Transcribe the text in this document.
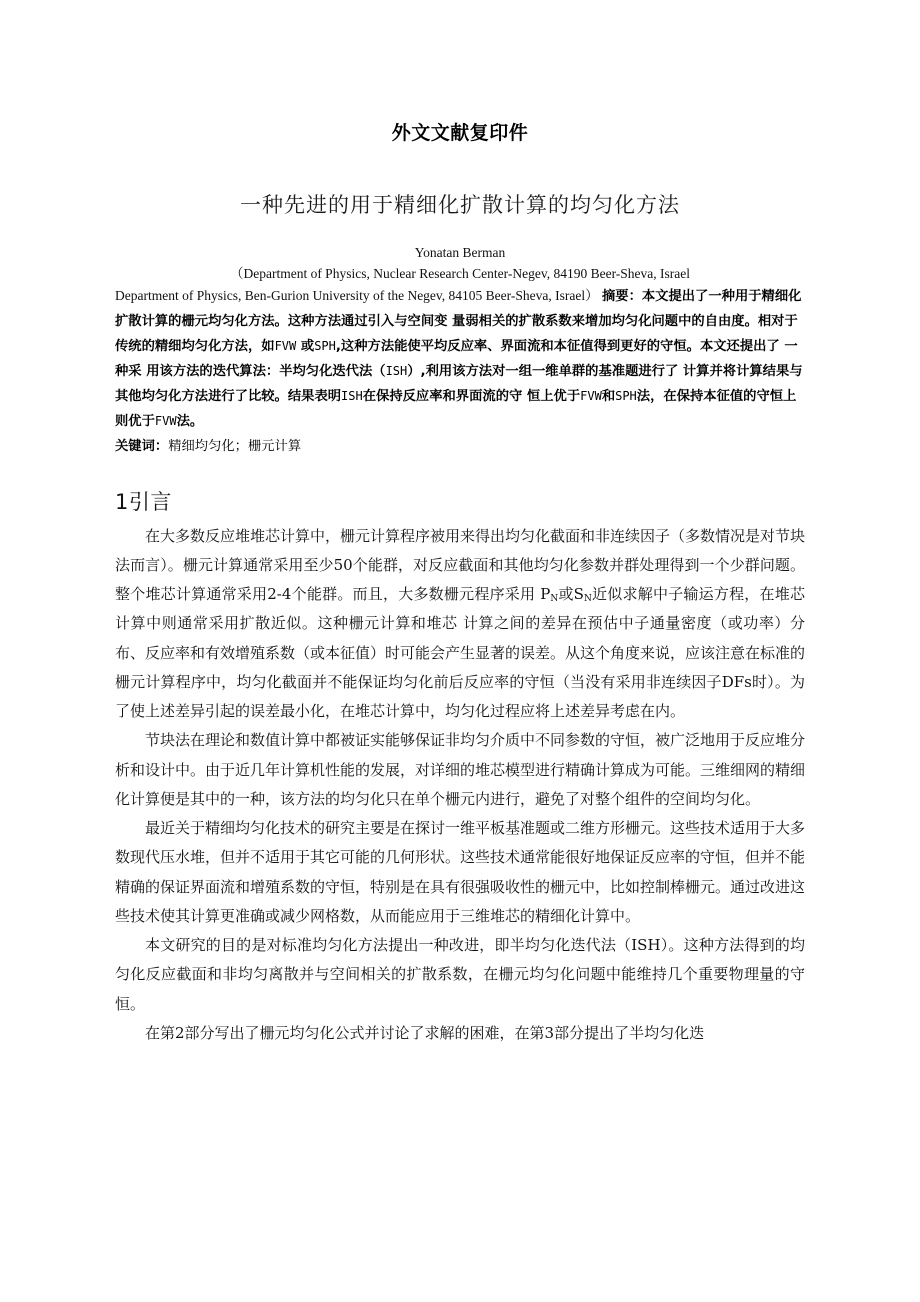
外文文献复印件
一种先进的用于精细化扩散计算的均匀化方法

Yonatan Berman

（Department of Physics, Nuclear Research Center-Negev, 84190 Beer-Sheva, Israel

Department of Physics, Ben-Gurion University of the Negev, 84105 Beer-Sheva, Israel） 摘要：本文提出了一种用于精细化扩散计算的栅元均匀化方法。这种方法通过引入与空间变 量弱相关的扩散系数来增加均匀化问题中的自由度。相对于传统的精细均匀化方法，如FVW 或SPH,这种方法能使平均反应率、界面流和本征值得到更好的守恒。本文还提出了 一种采 用该方法的迭代算法：半均匀化迭代法（ISH）,利用该方法对一组一维单群的基准题进行了 计算并将计算结果与其他均匀化方法进行了比较。结果表明ISH在保持反应率和界面流的守 恒上优于FVW和SPH法，在保持本征值的守恒上则优于FVW法。

关键词：精细均匀化；栅元计算

1引言

在大多数反应堆堆芯计算中，栅元计算程序被用来得出均匀化截面和非连续因子（多数情况是对节块法而言）。栅元计算通常采用至少50个能群，对反应截面和其他均匀化参数并群处理得到一个少群问题。整个堆芯计算通常采用2-4个能群。而且，大多数栅元程序采用 $P_N$或$S_N$近似求解中子输运方程，在堆芯计算中则通常采用扩散近似。这种栅元计算和堆芯 计算之间的差异在预估中子通量密度（或功率）分布、反应率和有效增殖系数（或本征值）时可能会产生显著的误差。从这个角度来说，应该注意在标准的栅元计算程序中，均匀化截面并不能保证均匀化前后反应率的守恒（当没有采用非连续因子DFs时）。为了使上述差异引起的误差最小化，在堆芯计算中，均匀化过程应将上述差异考虑在内。

节块法在理论和数值计算中都被证实能够保证非均匀介质中不同参数的守恒，被广泛地用于反应堆分析和设计中。由于近几年计算机性能的发展，对详细的堆芯模型进行精确计算成为可能。三维细网的精细化计算便是其中的一种，该方法的均匀化只在单个栅元内进行，避免了对整个组件的空间均匀化。

最近关于精细均匀化技术的研究主要是在探讨一维平板基准题或二维方形栅元。这些技术适用于大多数现代压水堆，但并不适用于其它可能的几何形状。这些技术通常能很好地保证反应率的守恒，但并不能精确的保证界面流和增殖系数的守恒，特别是在具有很强吸收性的栅元中，比如控制棒栅元。通过改进这些技术使其计算更准确或减少网格数，从而能应用于三维堆芯的精细化计算中。

本文研究的目的是对标准均匀化方法提出一种改进，即半均匀化迭代法（ISH）。这种方法得到的均匀化反应截面和非均匀离散并与空间相关的扩散系数，在栅元均匀化问题中能维持几个重要物理量的守恒。

在第2部分写出了栅元均匀化公式并讨论了求解的困难，在第3部分提出了半均匀化迭
